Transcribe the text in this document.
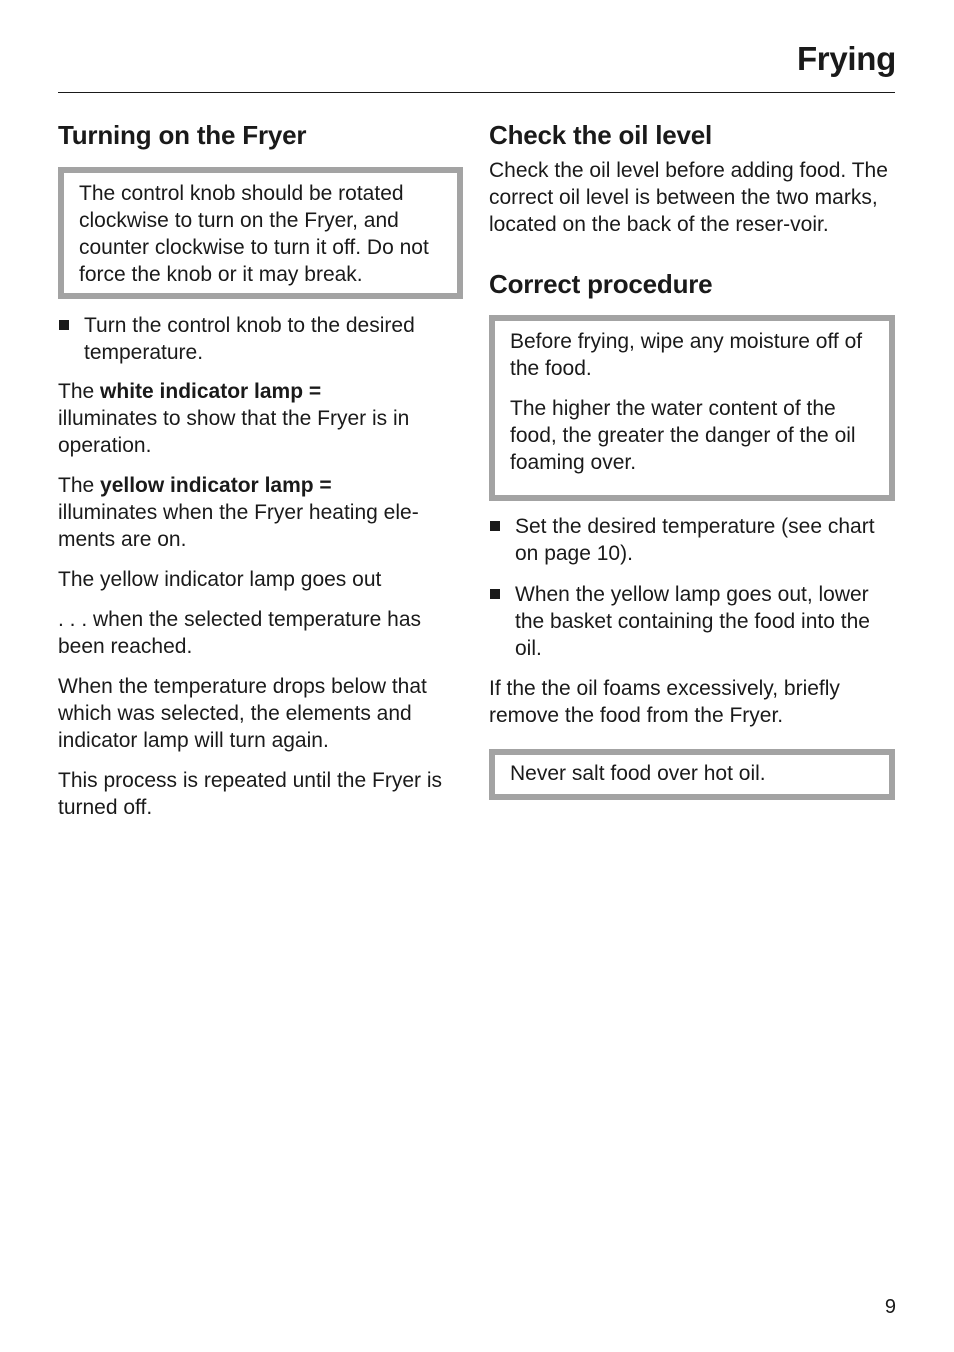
Frying
Turning on the Fryer
The control knob should be rotated clockwise to turn on the Fryer, and counter clockwise to turn it off. Do not force the knob or it may break.
Turn the control knob to the desired temperature.

The white indicator lamp =
illuminates to show that the Fryer is in operation.

The yellow indicator lamp =
illuminates when the Fryer heating ele-ments are on.

The yellow indicator lamp goes out

. . . when the selected temperature has been reached.

When the temperature drops below that which was selected, the elements and indicator lamp will turn again.

This process is repeated until the Fryer is turned off.

Check the oil level

Check the oil level before adding food. The correct oil level is between the two marks, located on the back of the reser-voir.

Correct procedure

Before frying, wipe any moisture off of the food.

The higher the water content of the food, the greater the danger of the oil foaming over.

Set the desired temperature (see chart on page 10).
When the yellow lamp goes out, lower the basket containing the food into the oil.

If the the oil foams excessively, briefly remove the food from the Fryer.

Never salt food over hot oil.
9
